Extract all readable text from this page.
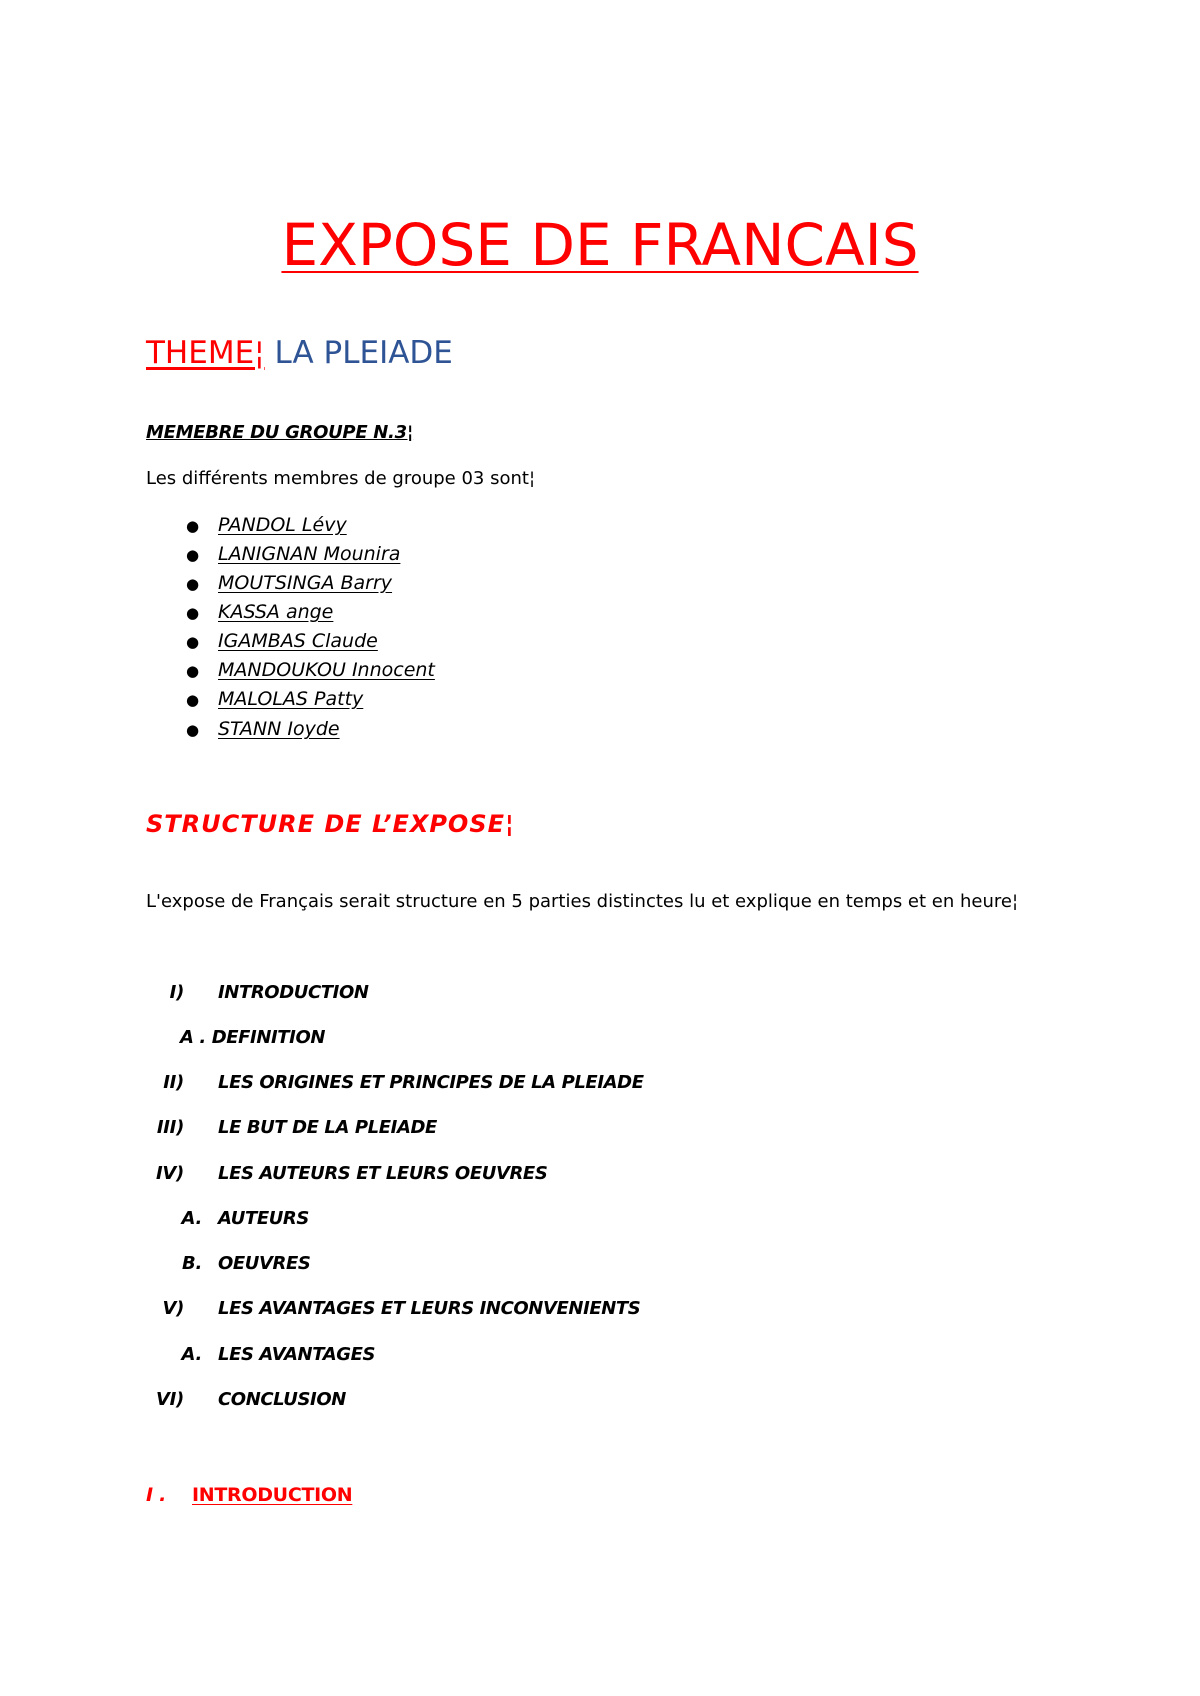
EXPOSE DE FRANCAIS
THEME¦ LA PLEIADE
MEMEBRE DU GROUPE N.3¦
Les différents membres de groupe 03 sont¦
● PANDOL Lévy
● LANIGNAN Mounira
● MOUTSINGA Barry
● KASSA ange
● IGAMBAS Claude
● MANDOUKOU Innocent
● MALOLAS Patty
● STANN Ioyde
STRUCTURE DE L’EXPOSE¦
L'expose de Français serait structure en 5 parties distinctes lu et explique en temps et en heure¦
I) INTRODUCTION
A . DEFINITION
II) LES ORIGINES ET PRINCIPES DE LA PLEIADE
III) LE BUT DE LA PLEIADE
IV) LES AUTEURS ET LEURS OEUVRES
A. AUTEURS
B. OEUVRES
V) LES AVANTAGES ET LEURS INCONVENIENTS
A. LES AVANTAGES
VI) CONCLUSION
I . INTRODUCTION
